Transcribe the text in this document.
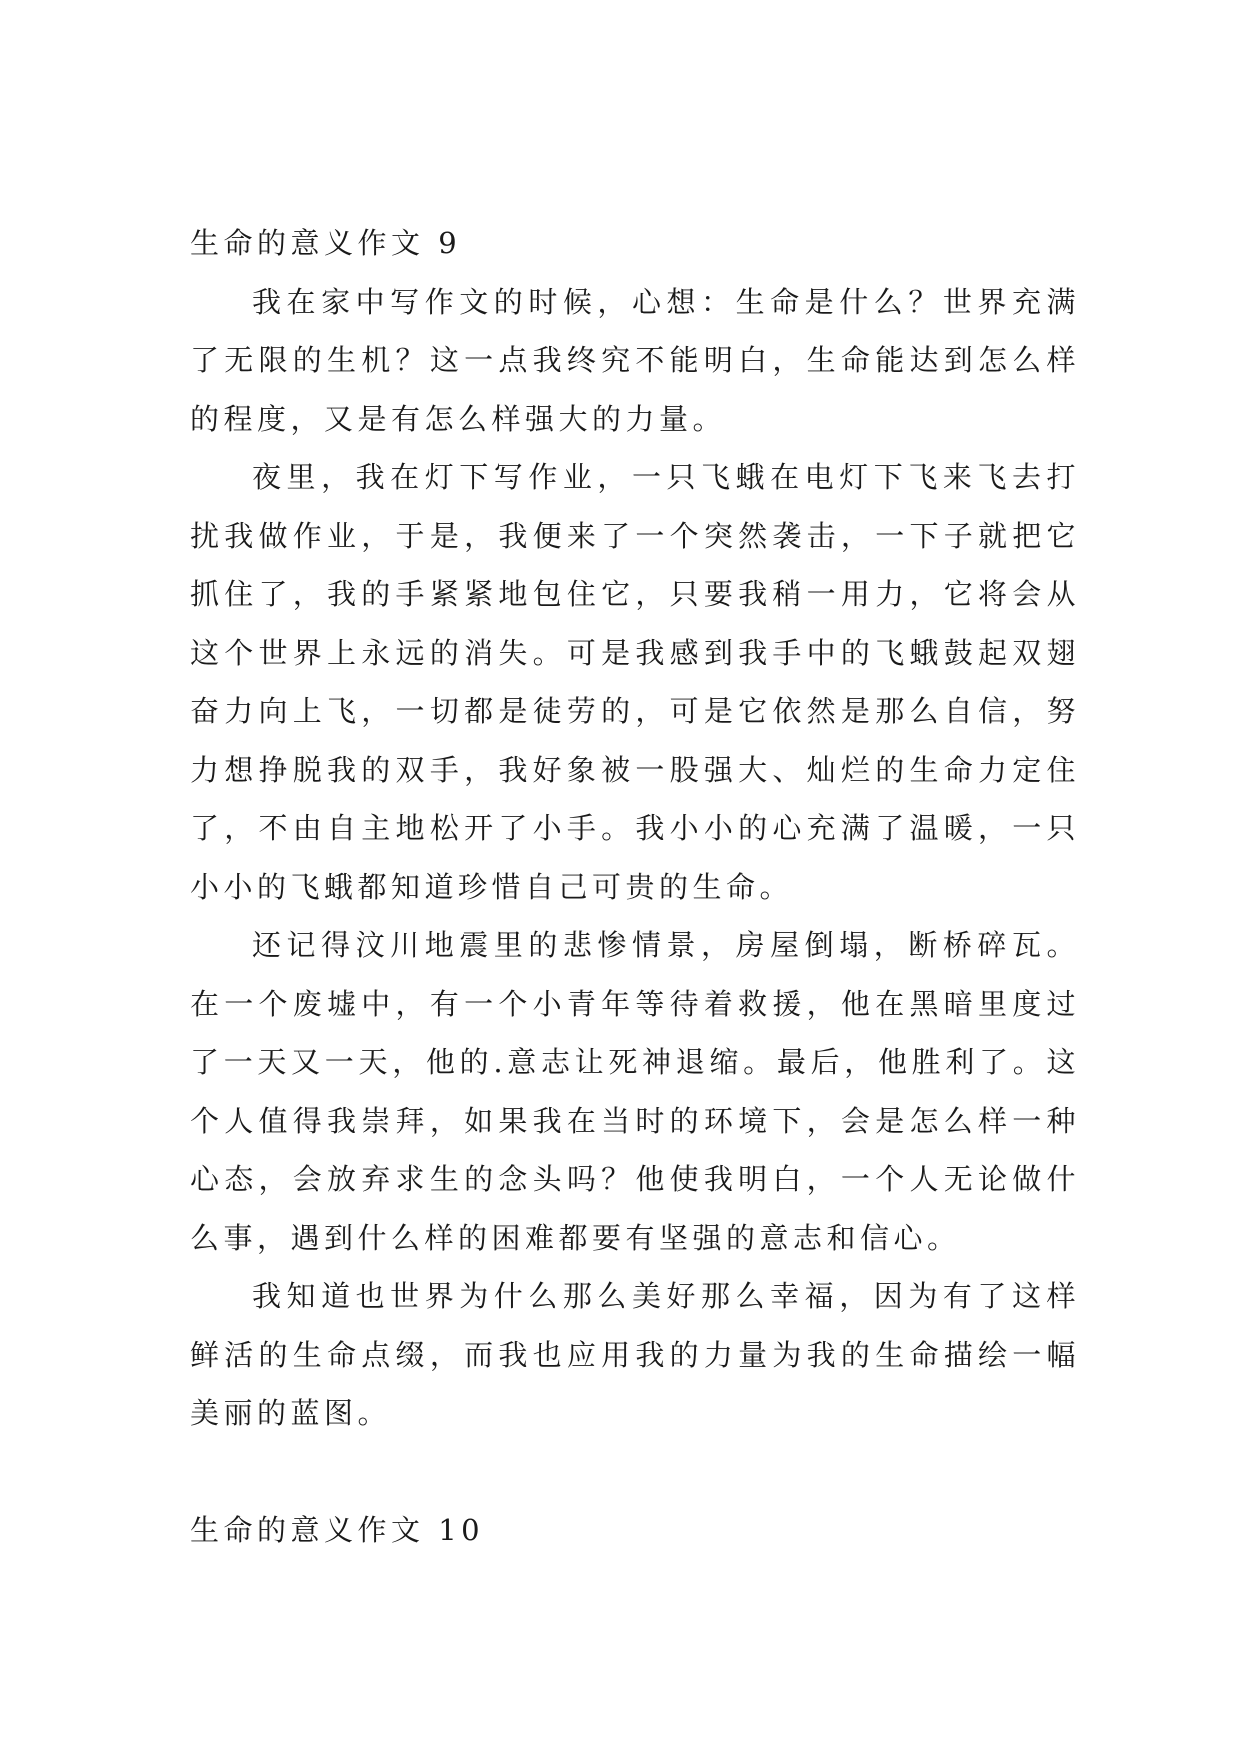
生命的意义作文 9

我在家中写作文的时候，心想：生命是什么？世界充满了无限的生机？这一点我终究不能明白，生命能达到怎么样的程度，又是有怎么样强大的力量。

夜里，我在灯下写作业，一只飞蛾在电灯下飞来飞去打扰我做作业，于是，我便来了一个突然袭击，一下子就把它抓住了，我的手紧紧地包住它，只要我稍一用力，它将会从这个世界上永远的消失。可是我感到我手中的飞蛾鼓起双翅奋力向上飞，一切都是徒劳的，可是它依然是那么自信，努力想挣脱我的双手，我好象被一股强大、灿烂的生命力定住了，不由自主地松开了小手。我小小的心充满了温暖，一只小小的飞蛾都知道珍惜自己可贵的生命。

还记得汶川地震里的悲惨情景，房屋倒塌，断桥碎瓦。在一个废墟中，有一个小青年等待着救援，他在黑暗里度过了一天又一天，他的.意志让死神退缩。最后，他胜利了。这个人值得我崇拜，如果我在当时的环境下，会是怎么样一种心态，会放弃求生的念头吗？他使我明白，一个人无论做什么事，遇到什么样的困难都要有坚强的意志和信心。

我知道也世界为什么那么美好那么幸福，因为有了这样鲜活的生命点缀，而我也应用我的力量为我的生命描绘一幅美丽的蓝图。

生命的意义作文 10
